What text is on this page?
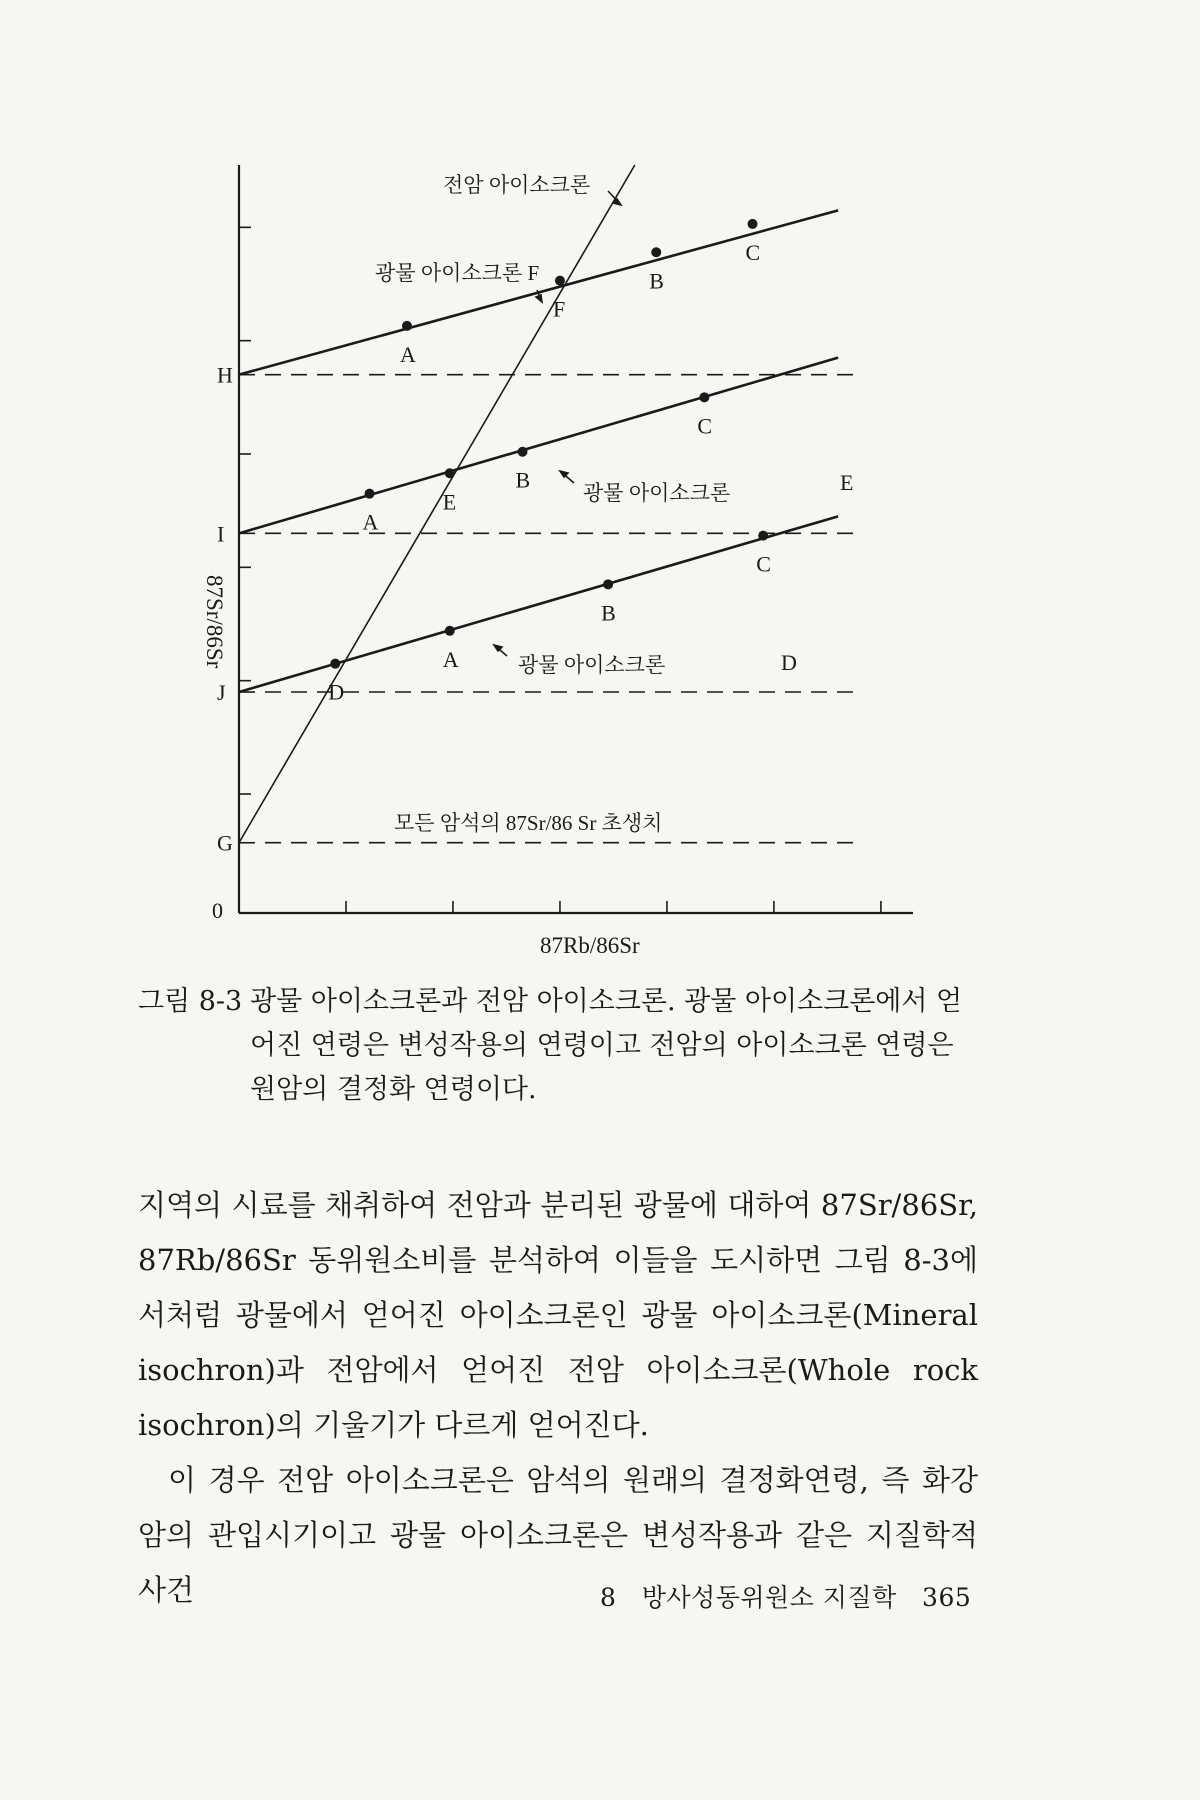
A
F
B
C
A
E
B
C
D
A
B
C
H
I
J
G
0
87Sr/86Sr
87Rb/86Sr
전암 아이소크론
광물 아이소크론 F
광물 아이소크론
광물 아이소크론
모든 암석의 87Sr/86 Sr 초생치
E
D
그림 8-3 광물 아이소크론과 전암 아이소크론. 광물 아이소크론에서 얻어진 연령은 변성작용의 연령이고 전암의 아이소크론 연령은 원암의 결정화 연령이다.

지역의 시료를 채취하여 전암과 분리된 광물에 대하여 87Sr/86Sr, 87Rb/86Sr 동위원소비를 분석하여 이들을 도시하면 그림 8-3에서처럼 광물에서 얻어진 아이소크론인 광물 아이소크론(Mineral isochron)과 전암에서 얻어진 전암 아이소크론(Whole rock isochron)의 기울기가 다르게 얻어진다.

이 경우 전암 아이소크론은 암석의 원래의 결정화연령, 즉 화강암의 관입시기이고 광물 아이소크론은 변성작용과 같은 지질학적 사건	8 방사성동위원소 지질학 365
